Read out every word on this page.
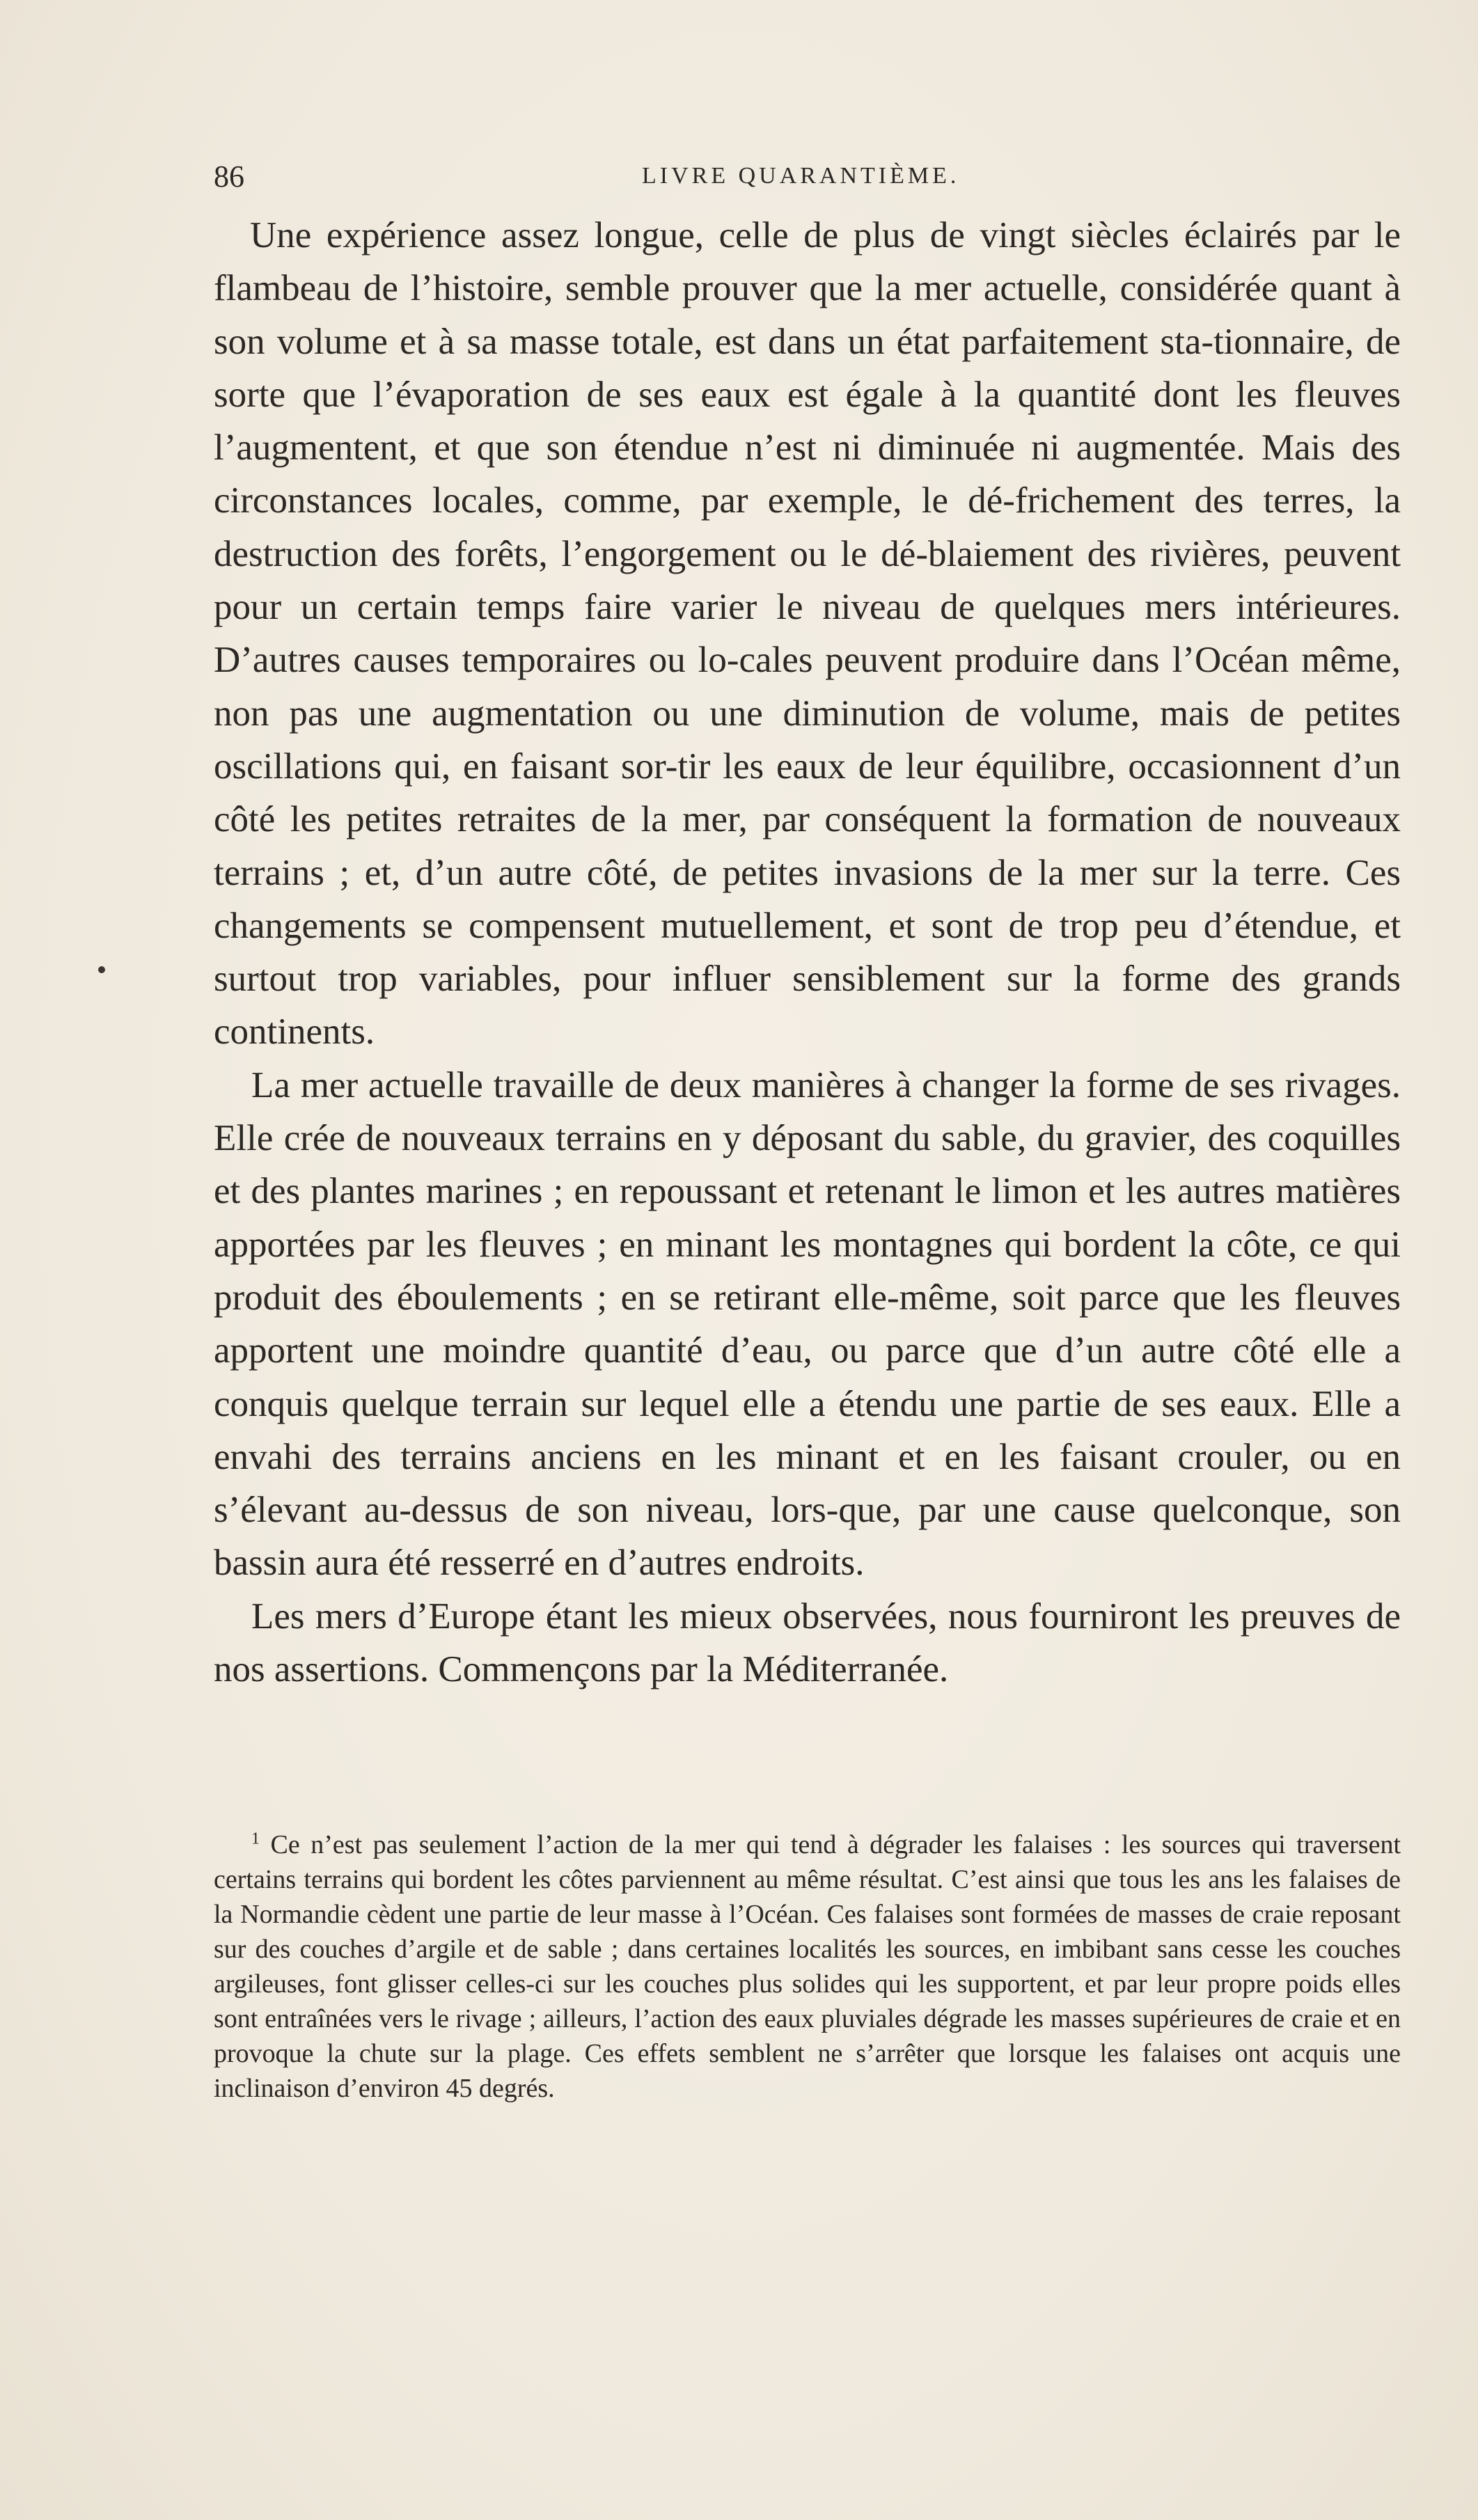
86	LIVRE QUARANTIÈME.

Une expérience assez longue, celle de plus de vingt siècles éclairés par le flambeau de l’histoire, semble prouver que la mer actuelle, considérée quant à son volume et à sa masse totale, est dans un état parfaitement sta-tionnaire, de sorte que l’évaporation de ses eaux est égale à la quantité dont les fleuves l’augmentent, et que son étendue n’est ni diminuée ni augmentée. Mais des circonstances locales, comme, par exemple, le dé-frichement des terres, la destruction des forêts, l’engorgement ou le dé-blaiement des rivières, peuvent pour un certain temps faire varier le niveau de quelques mers intérieures. D’autres causes temporaires ou lo-cales peuvent produire dans l’Océan même, non pas une augmentation ou une diminution de volume, mais de petites oscillations qui, en faisant sor-tir les eaux de leur équilibre, occasionnent d’un côté les petites retraites de la mer, par conséquent la formation de nouveaux terrains ; et, d’un autre côté, de petites invasions de la mer sur la terre. Ces changements se compensent mutuellement, et sont de trop peu d’étendue, et surtout trop variables, pour influer sensiblement sur la forme des grands continents.

La mer actuelle travaille de deux manières à changer la forme de ses rivages. Elle crée de nouveaux terrains en y déposant du sable, du gravier, des coquilles et des plantes marines ; en repoussant et retenant le limon et les autres matières apportées par les fleuves ; en minant les montagnes qui bordent la côte, ce qui produit des éboulements ; en se retirant elle-même, soit parce que les fleuves apportent une moindre quantité d’eau, ou parce que d’un autre côté elle a conquis quelque terrain sur lequel elle a étendu une partie de ses eaux. Elle a envahi des terrains anciens en les minant et en les faisant crouler, ou en s’élevant au-dessus de son niveau, lors-que, par une cause quelconque, son bassin aura été resserré en d’autres endroits.

Les mers d’Europe étant les mieux observées, nous fourniront les preuves de nos assertions. Commençons par la Méditerranée.

$^1$ Ce n’est pas seulement l’action de la mer qui tend à dégrader les falaises : les sources qui traversent certains terrains qui bordent les côtes parviennent au même résultat. C’est ainsi que tous les ans les falaises de la Normandie cèdent une partie de leur masse à l’Océan. Ces falaises sont formées de masses de craie reposant sur des couches d’argile et de sable ; dans certaines localités les sources, en imbibant sans cesse les couches argileuses, font glisser celles-ci sur les couches plus solides qui les supportent, et par leur propre poids elles sont entraînées vers le rivage ; ailleurs, l’action des eaux pluviales dégrade les masses supérieures de craie et en provoque la chute sur la plage. Ces effets semblent ne s’arrêter que lorsque les falaises ont acquis une inclinaison d’environ 45 degrés.
